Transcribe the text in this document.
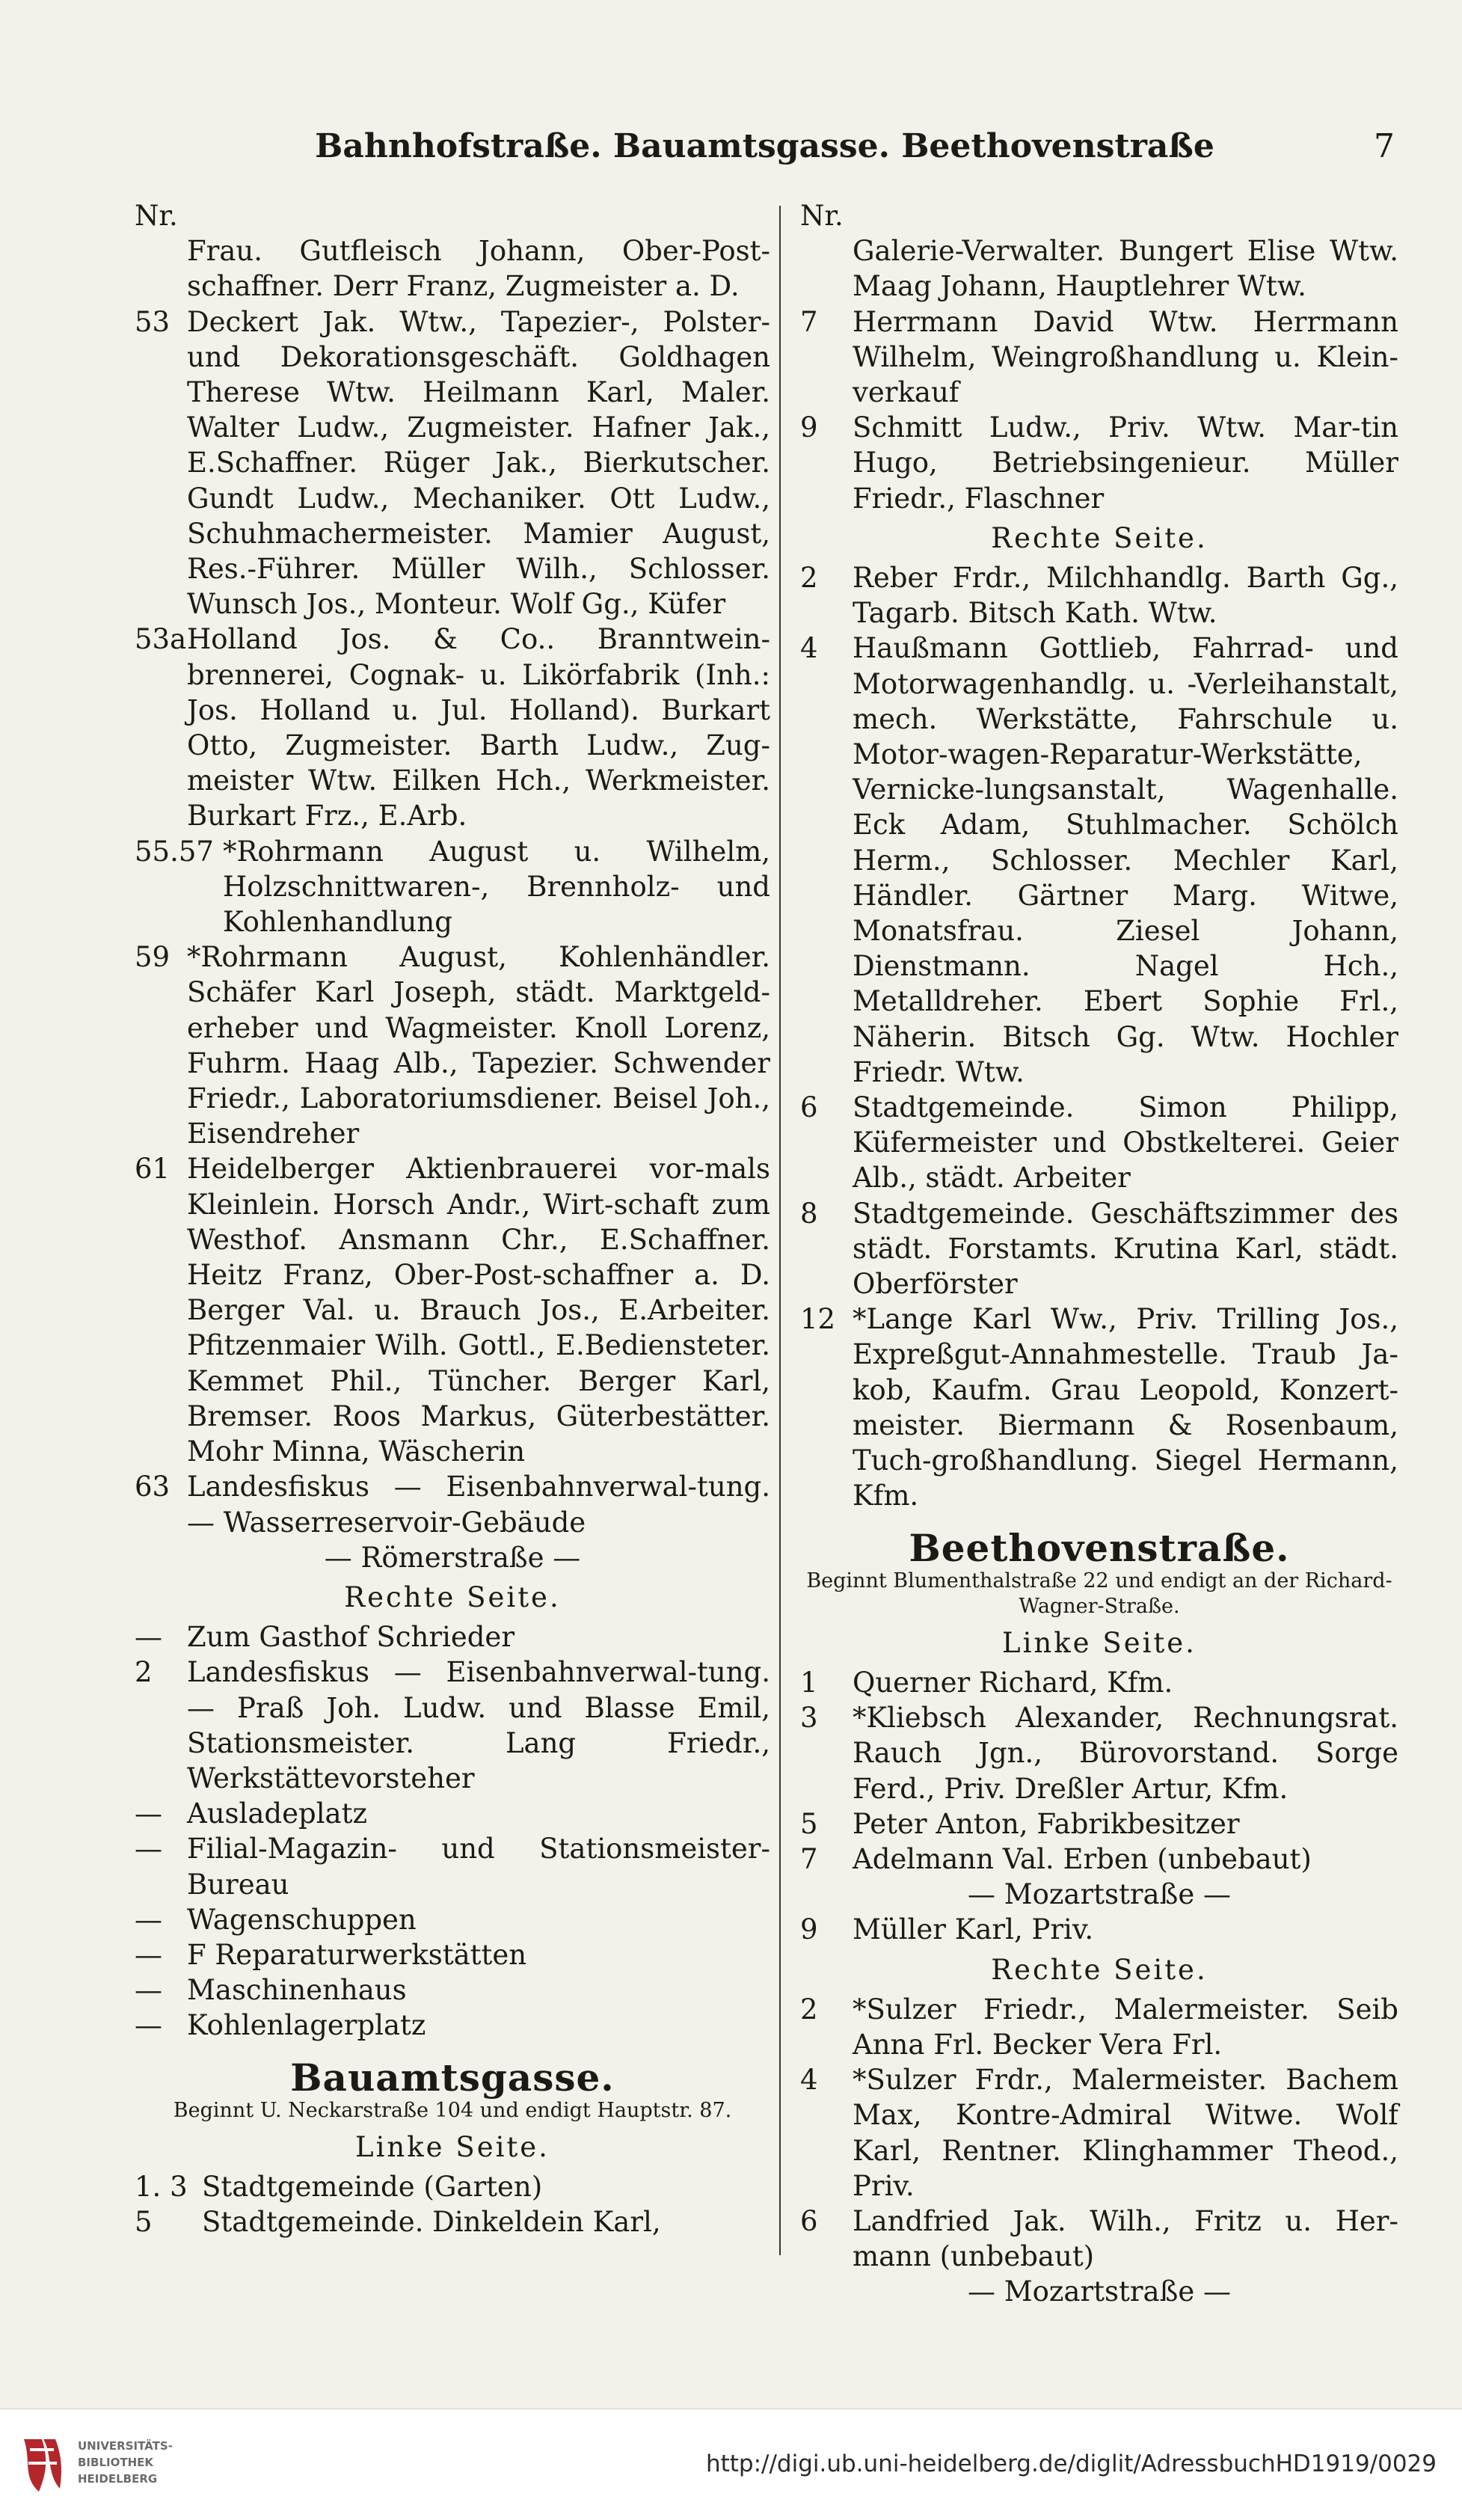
Bahnhofstraße. Bauamtsgasse. Beethovenstraße	7
Nr.
Frau. Gutfleisch Johann, Ober-Post-schaffner. Derr Franz, Zugmeister a. D.
53 Deckert Jak. Wtw., Tapezier-, Polster- und Dekorationsgeschäft. Goldhagen Therese Wtw. Heilmann Karl, Maler. Walter Ludw., Zugmeister. Hafner Jak., E.Schaffner. Rüger Jak., Bierkutscher. Gundt Ludw., Mechaniker. Ott Ludw., Schuhmachermeister. Mamier August, Res.-Führer. Müller Wilh., Schlosser. Wunsch Jos., Monteur. Wolf Gg., Küfer
53a Holland Jos. & Co.. Branntwein-brennerei, Cognak- u. Likörfabrik (Inh.: Jos. Holland u. Jul. Holland). Burkart Otto, Zugmeister. Barth Ludw., Zug-meister Wtw. Eilken Hch., Werkmeister. Burkart Frz., E.Arb.
55.57 *Rohrmann August u. Wilhelm, Holzschnittwaren-, Brennholz- und Kohlenhandlung
59 *Rohrmann August, Kohlenhändler. Schäfer Karl Joseph, städt. Marktgeld-erheber und Wagmeister. Knoll Lorenz, Fuhrm. Haag Alb., Tapezier. Schwender Friedr., Laboratoriumsdiener. Beisel Joh., Eisendreher
61 Heidelberger Aktienbrauerei vor-mals Kleinlein. Horsch Andr., Wirt-schaft zum Westhof. Ansmann Chr., E.Schaffner. Heitz Franz, Ober-Post-schaffner a. D. Berger Val. u. Brauch Jos., E.Arbeiter. Pfitzenmaier Wilh. Gottl., E.Bediensteter. Kemmet Phil., Tüncher. Berger Karl, Bremser. Roos Markus, Güterbestätter. Mohr Minna, Wäscherin
63 Landesfiskus — Eisenbahnverwal-tung. — Wasserreservoir-Gebäude
— Römerstraße —
Rechte Seite.
— Zum Gasthof Schrieder
2	Landesfiskus — Eisenbahnverwal-tung. — Praß Joh. Ludw. und Blasse Emil, Stationsmeister. Lang Friedr., Werkstättevorsteher
— Ausladeplatz
— Filial-Magazin- und Stationsmeister-Bureau
— Wagenschuppen
— F Reparaturwerkstätten
— Maschinenhaus
— Kohlenlagerplatz
Bauamtsgasse.
Beginnt U. Neckarstraße 104 und endigt Hauptstr. 87.
Linke Seite.
1. 3 Stadtgemeinde (Garten)
5	Stadtgemeinde. Dinkeldein Karl,
Nr.
Galerie-Verwalter. Bungert Elise Wtw. Maag Johann, Hauptlehrer Wtw.
7	Herrmann David Wtw. Herrmann Wilhelm, Weingroßhandlung u. Klein-verkauf
9	Schmitt Ludw., Priv. Wtw. Mar-tin Hugo, Betriebsingenieur. Müller Friedr., Flaschner
Rechte Seite.
2	Reber Frdr., Milchhandlg. Barth Gg., Tagarb. Bitsch Kath. Wtw.
4	Haußmann Gottlieb, Fahrrad- und Motorwagenhandlg. u. -Verleihanstalt, mech. Werkstätte, Fahrschule u. Motor-wagen-Reparatur-Werkstätte, Vernicke-lungsanstalt, Wagenhalle. Eck Adam, Stuhlmacher. Schölch Herm., Schlosser. Mechler Karl, Händler. Gärtner Marg. Witwe, Monatsfrau. Ziesel Johann, Dienstmann. Nagel Hch., Metalldreher. Ebert Sophie Frl., Näherin. Bitsch Gg. Wtw. Hochler Friedr. Wtw.
6	Stadtgemeinde. Simon Philipp, Küfermeister und Obstkelterei. Geier Alb., städt. Arbeiter
8	Stadtgemeinde. Geschäftszimmer des städt. Forstamts. Krutina Karl, städt. Oberförster
12 *Lange Karl Ww., Priv. Trilling Jos., Expreßgut-Annahmestelle. Traub Ja-kob, Kaufm. Grau Leopold, Konzert-meister. Biermann & Rosenbaum, Tuch-großhandlung. Siegel Hermann, Kfm.
Beethovenstraße.
Beginnt Blumenthalstraße 22 und endigt an der Richard-Wagner-Straße.
Linke Seite.
1	Querner Richard, Kfm.
3	*Kliebsch Alexander, Rechnungsrat. Rauch Jgn., Bürovorstand. Sorge Ferd., Priv. Dreßler Artur, Kfm.
5	Peter Anton, Fabrikbesitzer
7	Adelmann Val. Erben (unbebaut)
— Mozartstraße —
9	Müller Karl, Priv.
Rechte Seite.
2	*Sulzer Friedr., Malermeister. Seib Anna Frl. Becker Vera Frl.
4	*Sulzer Frdr., Malermeister. Bachem Max, Kontre-Admiral Witwe. Wolf Karl, Rentner. Klinghammer Theod., Priv.
6	Landfried Jak. Wilh., Fritz u. Her-mann (unbebaut)
— Mozartstraße —
UNIVERSITÄTS-
BIBLIOTHEK
HEIDELBERG
http://digi.ub.uni-heidelberg.de/diglit/AdressbuchHD1919/0029
